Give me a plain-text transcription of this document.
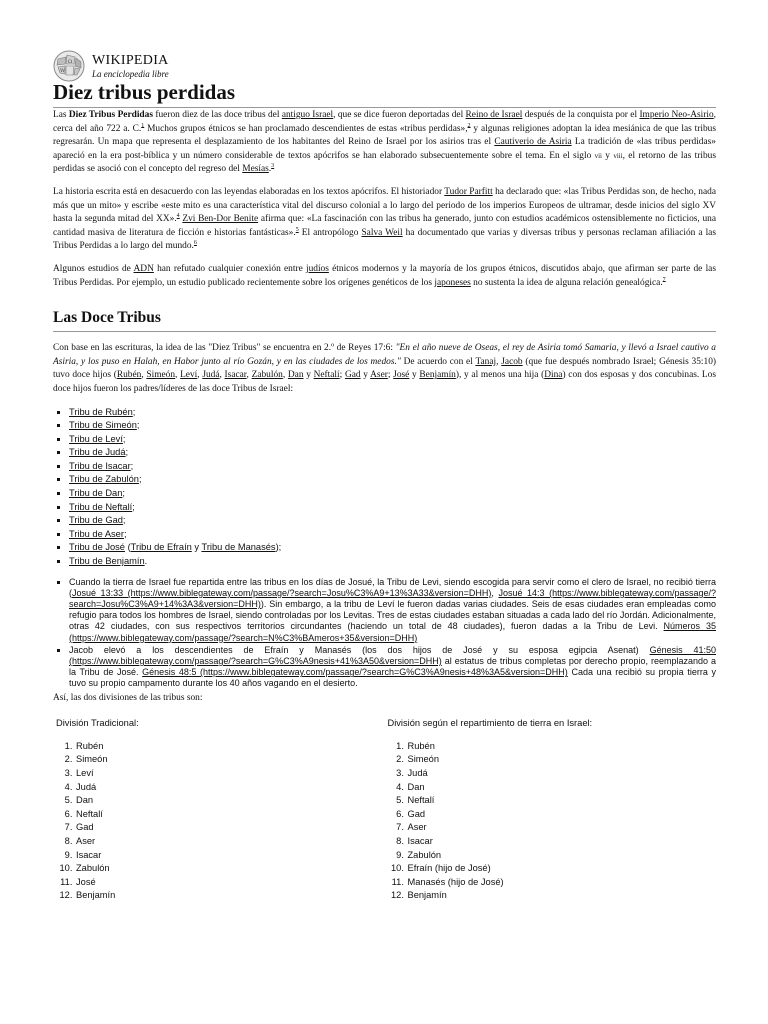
Ω
W
WIKIPEDIA
La enciclopedia libre
Diez tribus perdidas

Las Diez Tribus Perdidas fueron diez de las doce tribus del antiguo Israel, que se dice fueron deportadas del Reino de Israel después de la conquista por el Imperio Neo-Asirio, cerca del año 722 a. C.$^1$ Muchos grupos étnicos se han proclamado descendientes de estas «tribus perdidas»,$^2$ y algunas religiones adoptan la idea mesiánica de que las tribus regresarán. Un mapa que representa el desplazamiento de los habitantes del Reino de Israel por los asirios tras el Cautiverio de Asiria La tradición de «las tribus perdidas» apareció en la era post-bíblica y un número considerable de textos apócrifos se han elaborado subsecuentemente sobre el tema. En el siglo vii y viii, el retorno de las tribus perdidas se asoció con el concepto del regreso del Mesías.$^3$

La historia escrita está en desacuerdo con las leyendas elaboradas en los textos apócrifos. El historiador Tudor Parfitt ha declarado que: «las Tribus Perdidas son, de hecho, nada más que un mito» y escribe «este mito es una característica vital del discurso colonial a lo largo del periodo de los imperios Europeos de ultramar, desde inicios del siglo XV hasta la segunda mitad del XX».$^4$ Zvi Ben-Dor Benite afirma que: «La fascinación con las tribus ha generado, junto con estudios académicos ostensiblemente no ficticios, una cantidad masiva de literatura de ficción e historias fantásticas».$^5$ El antropólogo Salva Weil ha documentado que varias y diversas tribus y personas reclaman afiliación a las Tribus Perdidas a lo largo del mundo.$^6$

Algunos estudios de ADN han refutado cualquier conexión entre judíos étnicos modernos y la mayoría de los grupos étnicos, discutidos abajo, que afirman ser parte de las Tribus Perdidas. Por ejemplo, un estudio publicado recientemente sobre los orígenes genéticos de los japoneses no sustenta la idea de alguna relación genealógica.$^7$

Las Doce Tribus

Con base en las escrituras, la idea de las "Diez Tribus" se encuentra en 2.º de Reyes 17:6: "En el año nueve de Oseas, el rey de Asiria tomó Samaria, y llevó a Israel cautivo a Asiria, y los puso en Halah, en Habor junto al río Gozán, y en las ciudades de los medos." De acuerdo con el Tanaj, Jacob (que fue después nombrado Israel; Génesis 35:10) tuvo doce hijos (Rubén, Simeón, Leví, Judá, Isacar, Zabulón, Dan y Neftalí; Gad y Aser; José y Benjamín), y al menos una hija (Dina) con dos esposas y dos concubinas. Los doce hijos fueron los padres/líderes de las doce Tribus de Israel:

▪ Tribu de Rubén;
▪ Tribu de Simeón;
▪ Tribu de Leví;
▪ Tribu de Judá;
▪ Tribu de Isacar;
▪ Tribu de Zabulón;
▪ Tribu de Dan;
▪ Tribu de Neftalí;
▪ Tribu de Gad;
▪ Tribu de Aser;
▪ Tribu de José (Tribu de Efraín y Tribu de Manasés);
▪ Tribu de Benjamín.
▪ Cuando la tierra de Israel fue repartida entre las tribus en los días de Josué, la Tribu de Levi, siendo escogida para servir como el clero de Israel, no recibió tierra (Josué 13:33 (https://www.biblegateway.com/passage/?search=Josu%C3%A9+13%3A33&version=DHH), Josué 14:3 (https://www.biblegateway.com/passage/?search=Josu%C3%A9+14%3A3&version=DHH)). Sin embargo, a la tribu de Leví le fueron dadas varias ciudades. Seis de esas ciudades eran empleadas como refugio para todos los hombres de Israel, siendo controladas por los Levitas. Tres de estas ciudades estaban situadas a cada lado del río Jordán. Adicionalmente, otras 42 ciudades, con sus respectivos territorios circundantes (haciendo un total de 48 ciudades), fueron dadas a la Tribu de Levi. Números 35 (https://www.biblegateway.com/passage/?search=N%C3%BAmeros+35&version=DHH)
▪ Jacob elevó a los descendientes de Efraín y Manasés (los dos hijos de José y su esposa egipcia Asenat) Génesis 41:50 (https://www.biblegateway.com/passage/?search=G%C3%A9nesis+41%3A50&version=DHH) al estatus de tribus completas por derecho propio, reemplazando a la Tribu de José. Génesis 48:5 (https://www.biblegateway.com/passage/?search=G%C3%A9nesis+48%3A5&version=DHH) Cada una recibió su propia tierra y tuvo su propio campamento durante los 40 años vagando en el desierto.
Así, las dos divisiones de las tribus son:
División Tradicional:
1. Rubén
2. Simeón
3. Leví
4. Judá
5. Dan
6. Neftalí
7. Gad
8. Aser
9. Isacar
10. Zabulón
11. José
12. Benjamín
División según el repartimiento de tierra en Israel:
1. Rubén
2. Simeón
3. Judá
4. Dan
5. Neftalí
6. Gad
7. Aser
8. Isacar
9. Zabulón
10. Efraín (hijo de José)
11. Manasés (hijo de José)
12. Benjamín
